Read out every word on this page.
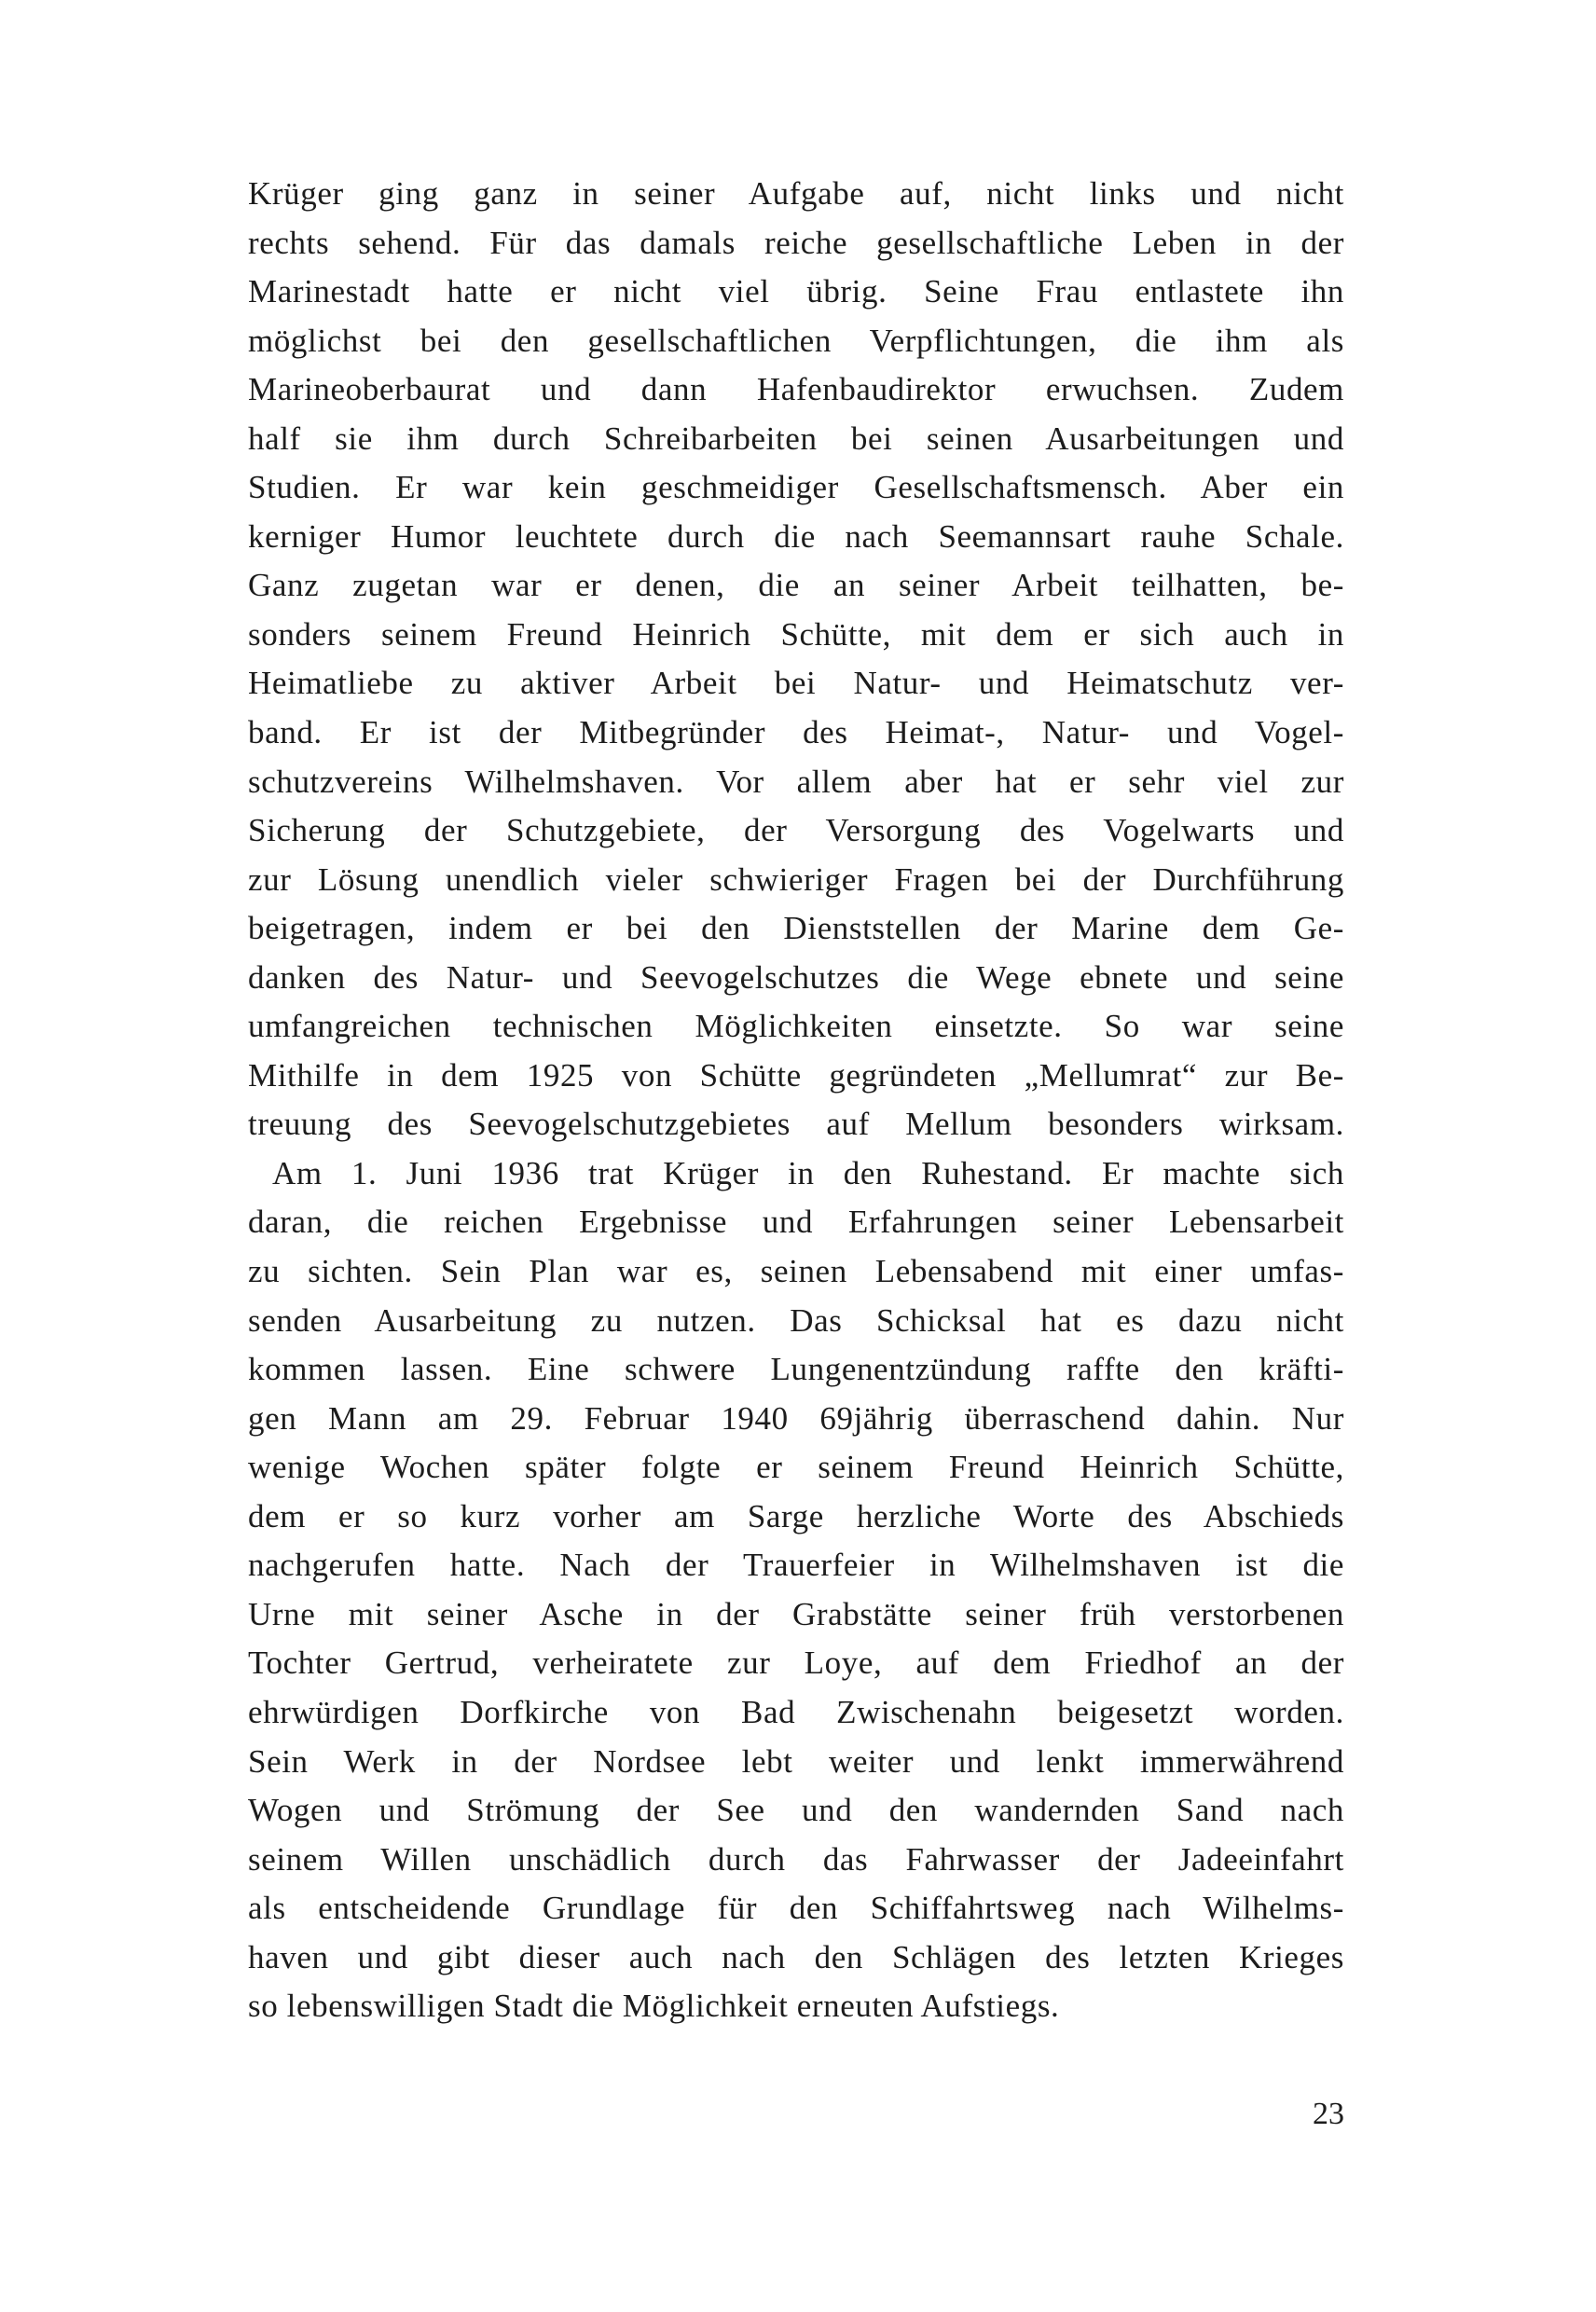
Krüger ging ganz in seiner Aufgabe auf, nicht links und nicht
rechts sehend. Für das damals reiche gesellschaftliche Leben in der
Marinestadt hatte er nicht viel übrig. Seine Frau entlastete ihn
möglichst bei den gesellschaftlichen Verpflichtungen, die ihm als
Marineoberbaurat und dann Hafenbaudirektor erwuchsen. Zudem
half sie ihm durch Schreibarbeiten bei seinen Ausarbeitungen und
Studien. Er war kein geschmeidiger Gesellschaftsmensch. Aber ein
kerniger Humor leuchtete durch die nach Seemannsart rauhe Schale.
Ganz zugetan war er denen, die an seiner Arbeit teilhatten, be-
sonders seinem Freund Heinrich Schütte, mit dem er sich auch in
Heimatliebe zu aktiver Arbeit bei Natur- und Heimatschutz ver-
band. Er ist der Mitbegründer des Heimat-, Natur- und Vogel-
schutzvereins Wilhelmshaven. Vor allem aber hat er sehr viel zur
Sicherung der Schutzgebiete, der Versorgung des Vogelwarts und
zur Lösung unendlich vieler schwieriger Fragen bei der Durchführung
beigetragen, indem er bei den Dienststellen der Marine dem Ge-
danken des Natur- und Seevogelschutzes die Wege ebnete und seine
umfangreichen technischen Möglichkeiten einsetzte. So war seine
Mithilfe in dem 1925 von Schütte gegründeten „Mellumrat“ zur Be-
treuung des Seevogelschutzgebietes auf Mellum besonders wirksam.
Am 1. Juni 1936 trat Krüger in den Ruhestand. Er machte sich
daran, die reichen Ergebnisse und Erfahrungen seiner Lebensarbeit
zu sichten. Sein Plan war es, seinen Lebensabend mit einer umfas-
senden Ausarbeitung zu nutzen. Das Schicksal hat es dazu nicht
kommen lassen. Eine schwere Lungenentzündung raffte den kräfti-
gen Mann am 29. Februar 1940 69jährig überraschend dahin. Nur
wenige Wochen später folgte er seinem Freund Heinrich Schütte,
dem er so kurz vorher am Sarge herzliche Worte des Abschieds
nachgerufen hatte. Nach der Trauerfeier in Wilhelmshaven ist die
Urne mit seiner Asche in der Grabstätte seiner früh verstorbenen
Tochter Gertrud, verheiratete zur Loye, auf dem Friedhof an der
ehrwürdigen Dorfkirche von Bad Zwischenahn beigesetzt worden.
Sein Werk in der Nordsee lebt weiter und lenkt immerwährend
Wogen und Strömung der See und den wandernden Sand nach
seinem Willen unschädlich durch das Fahrwasser der Jadeeinfahrt
als entscheidende Grundlage für den Schiffahrtsweg nach Wilhelms-
haven und gibt dieser auch nach den Schlägen des letzten Krieges
so lebenswilligen Stadt die Möglichkeit erneuten Aufstiegs.
23
